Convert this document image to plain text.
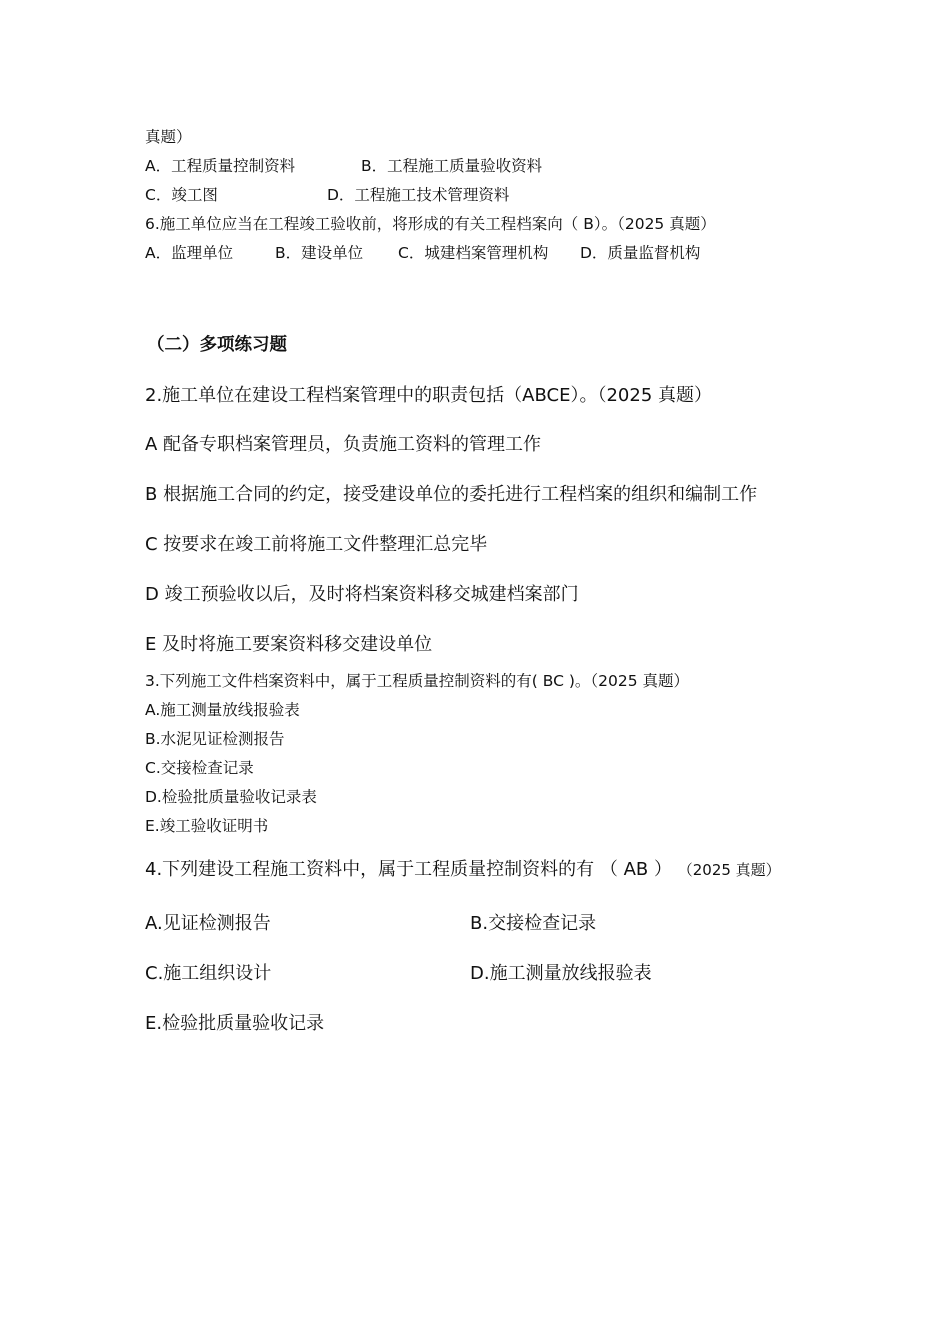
真题）
A．工程质量控制资料	B．工程施工质量验收资料
C．竣工图	D．工程施工技术管理资料
6.施工单位应当在工程竣工验收前，将形成的有关工程档案向（ B）。（2025 真题）
A．监理单位	B．建设单位 C．城建档案管理机构 D．质量监督机构
（二）多项练习题
2.施工单位在建设工程档案管理中的职责包括（ABCE）。（2025 真题）
A 配备专职档案管理员，负责施工资料的管理工作
B 根据施工合同的约定，接受建设单位的委托进行工程档案的组织和编制工作
C 按要求在竣工前将施工文件整理汇总完毕
D 竣工预验收以后，及时将档案资料移交城建档案部门
E 及时将施工要案资料移交建设单位
3.下列施工文件档案资料中，属于工程质量控制资料的有( BC )。（2025 真题）
A.施工测量放线报验表
B.水泥见证检测报告
C.交接检查记录
D.检验批质量验收记录表
E.竣工验收证明书
4.下列建设工程施工资料中，属于工程质量控制资料的有 （ AB ） （2025 真题）
A.见证检测报告	B.交接检查记录
C.施工组织设计	D.施工测量放线报验表
E.检验批质量验收记录
